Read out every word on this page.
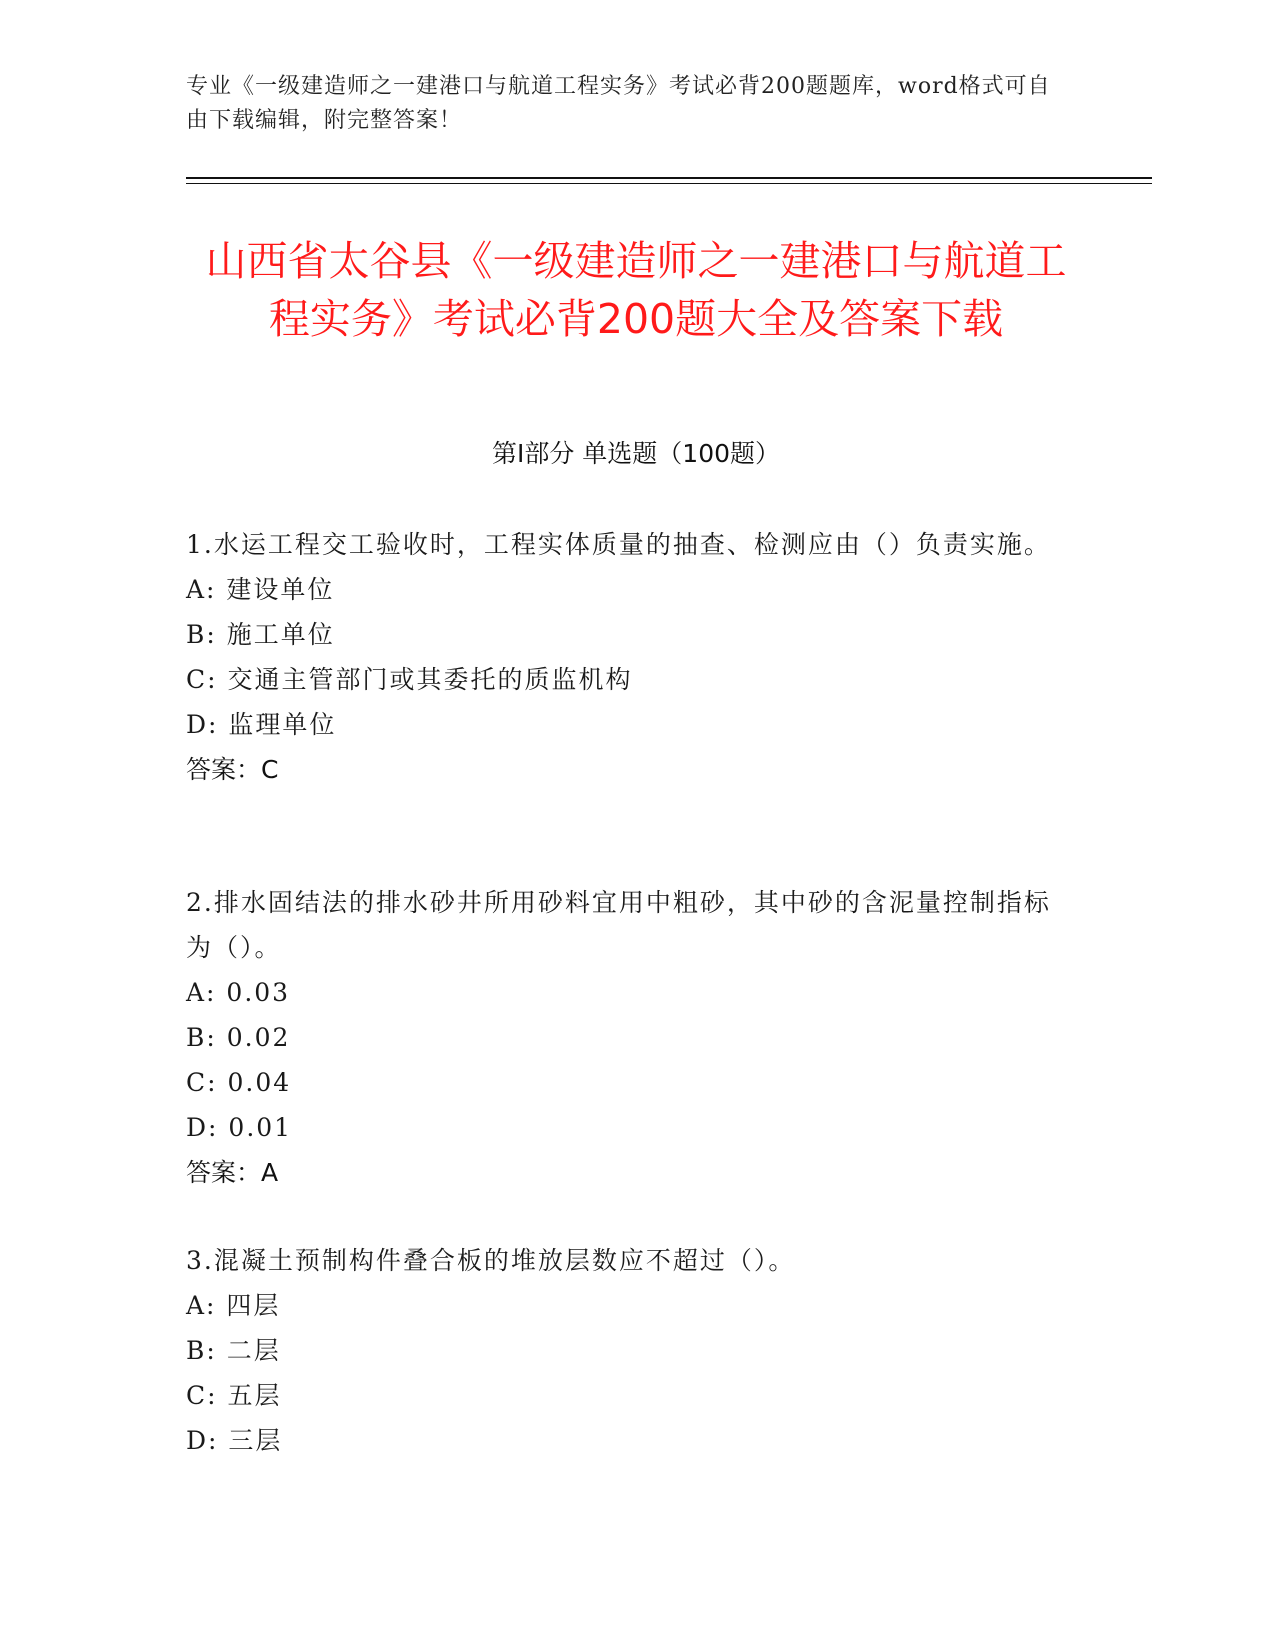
专业《一级建造师之一建港口与航道工程实务》考试必背200题题库，word格式可自由下载编辑，附完整答案！
山西省太谷县《一级建造师之一建港口与航道工程实务》考试必背200题大全及答案下载
第I部分 单选题（100题）
1.水运工程交工验收时，工程实体质量的抽查、检测应由（）负责实施。
A: 建设单位
B: 施工单位
C: 交通主管部门或其委托的质监机构
D: 监理单位
答案：C
2.排水固结法的排水砂井所用砂料宜用中粗砂，其中砂的含泥量控制指标为（）。
A: 0.03
B: 0.02
C: 0.04
D: 0.01
答案：A
3.混凝土预制构件叠合板的堆放层数应不超过（）。
A: 四层
B: 二层
C: 五层
D: 三层
